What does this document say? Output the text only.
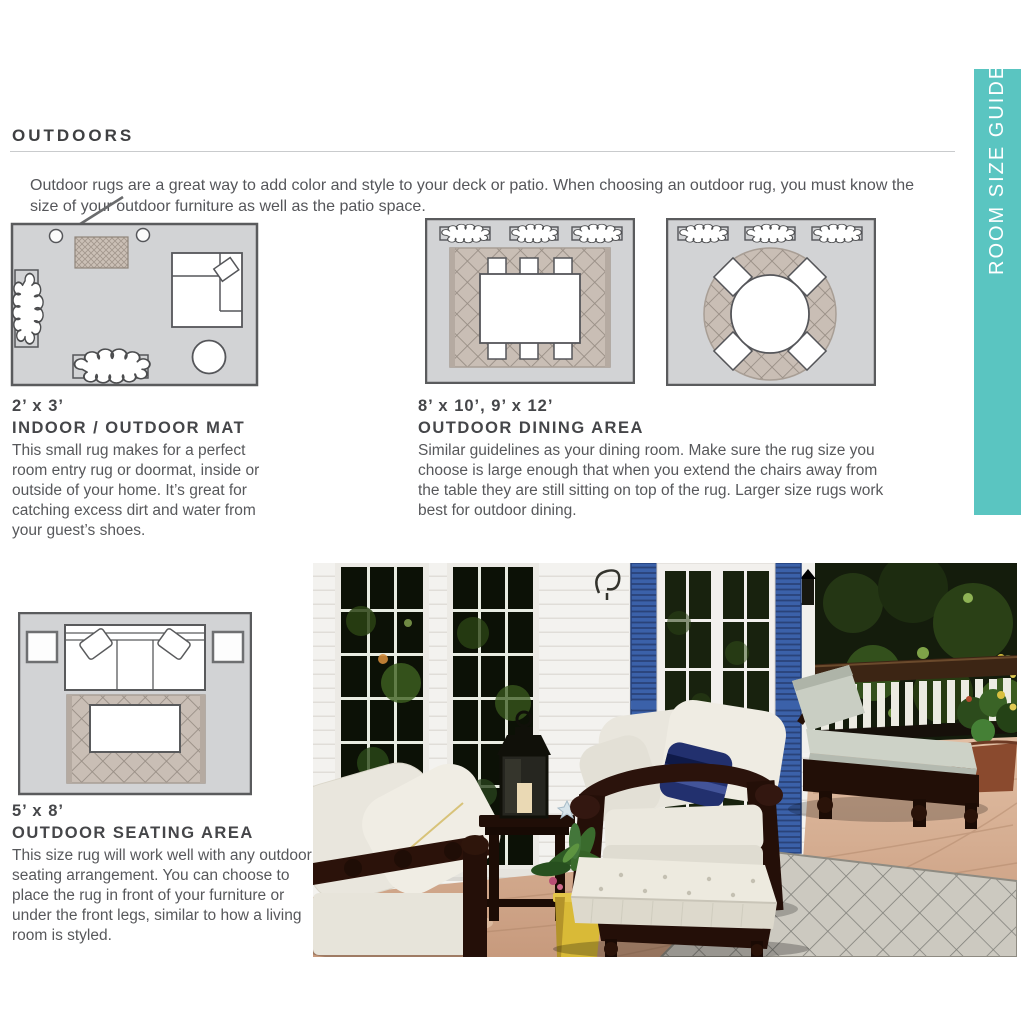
ROOM SIZE GUIDE
OUTDOORS

Outdoor rugs are a great way to add color and style to your deck or patio. When choosing an outdoor rug, you must know the size of your outdoor furniture as well as the patio space.

2’ x 3’
INDOOR / OUTDOOR MAT
This small rug makes for a perfect room entry rug or doormat, inside or outside of your home. It’s great for catching excess dirt and water from your guest’s shoes.
8’ x 10’, 9’ x 12’
OUTDOOR DINING AREA
Similar guidelines as your dining room. Make sure the rug size you choose is large enough that when you extend the chairs away from the table they are still sitting on top of the rug. Larger size rugs work best for outdoor dining.
5’ x 8’
OUTDOOR SEATING AREA
This size rug will work well with any outdoor seating arrangement. You can choose to place the rug in front of your furniture or under the front legs, similar to how a living room is styled.
